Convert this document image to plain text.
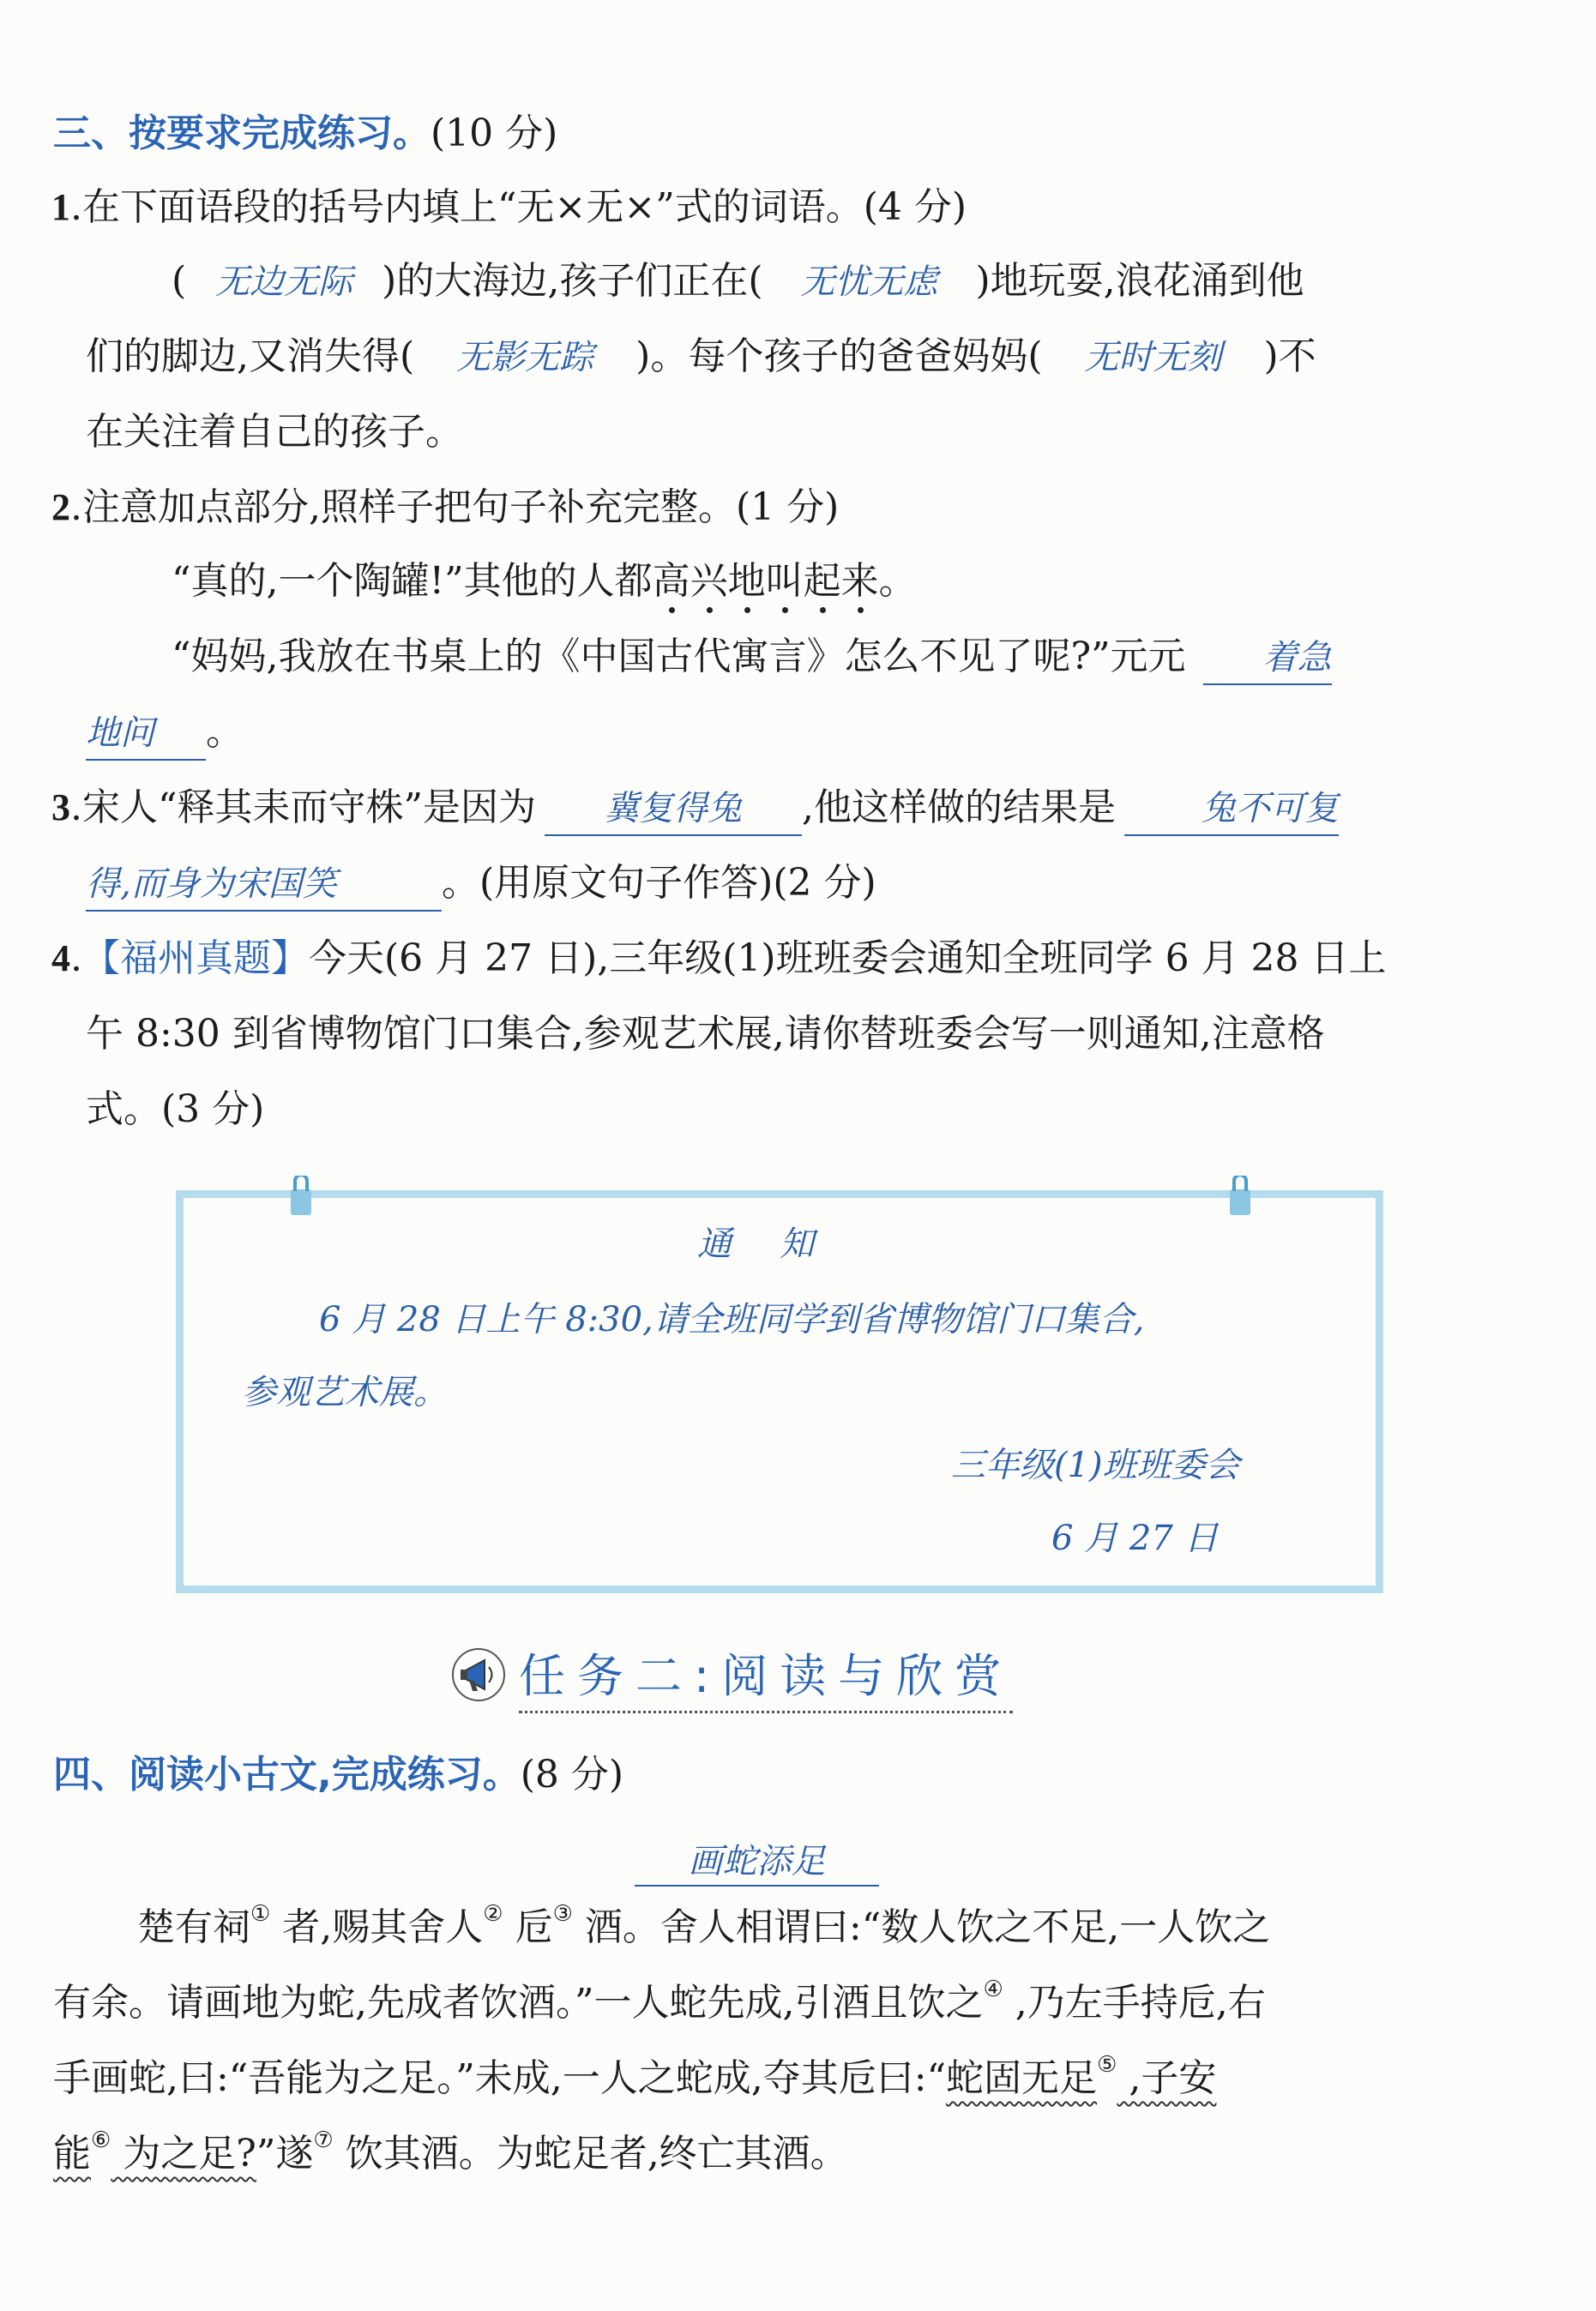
三、按要求完成练习。(10 分)
1.在下面语段的括号内填上“无×无×”式的词语。(4 分)
( 无边无际 )的大海边,孩子们正在( 无忧无虑 )地玩耍,浪花涌到他
们的脚边,又消失得( 无影无踪 )。每个孩子的爸爸妈妈( 无时无刻 )不
在关注着自己的孩子。
2.注意加点部分,照样子把句子补充完整。(1 分)
“真的,一个陶罐!”其他的人都高兴地叫起来。
“妈妈,我放在书桌上的《中国古代寓言》怎么不见了呢?”元元 着急
地问 。
3.宋人“释其耒而守株”是因为 冀复得兔 ,他这样做的结果是	兔不可复
得,而身为宋国笑	。(用原文句子作答)(2 分)
4.【福州真题】今天(6 月 27 日),三年级(1)班班委会通知全班同学 6 月 28 日上
午 8:30 到省博物馆门口集合,参观艺术展,请你替班委会写一则通知,注意格
式。(3 分)
通知
6 月 28 日上午 8:30,请全班同学到省博物馆门口集合,
参观艺术展。
三年级(1)班班委会
6 月 27 日
任务二:阅读与欣赏
四、阅读小古文,完成练习。(8 分)
画蛇添足
楚有祠① 者,赐其舍人② 卮③ 酒。舍人相谓曰:“数人饮之不足,一人饮之
有余。请画地为蛇,先成者饮酒。”一人蛇先成,引酒且饮之④ ,乃左手持卮,右
手画蛇,曰:“吾能为之足。”未成,一人之蛇成,夺其卮曰:“蛇固无足⑤ ,子安
能⑥ 为之足?”遂⑦ 饮其酒。为蛇足者,终亡其酒。
